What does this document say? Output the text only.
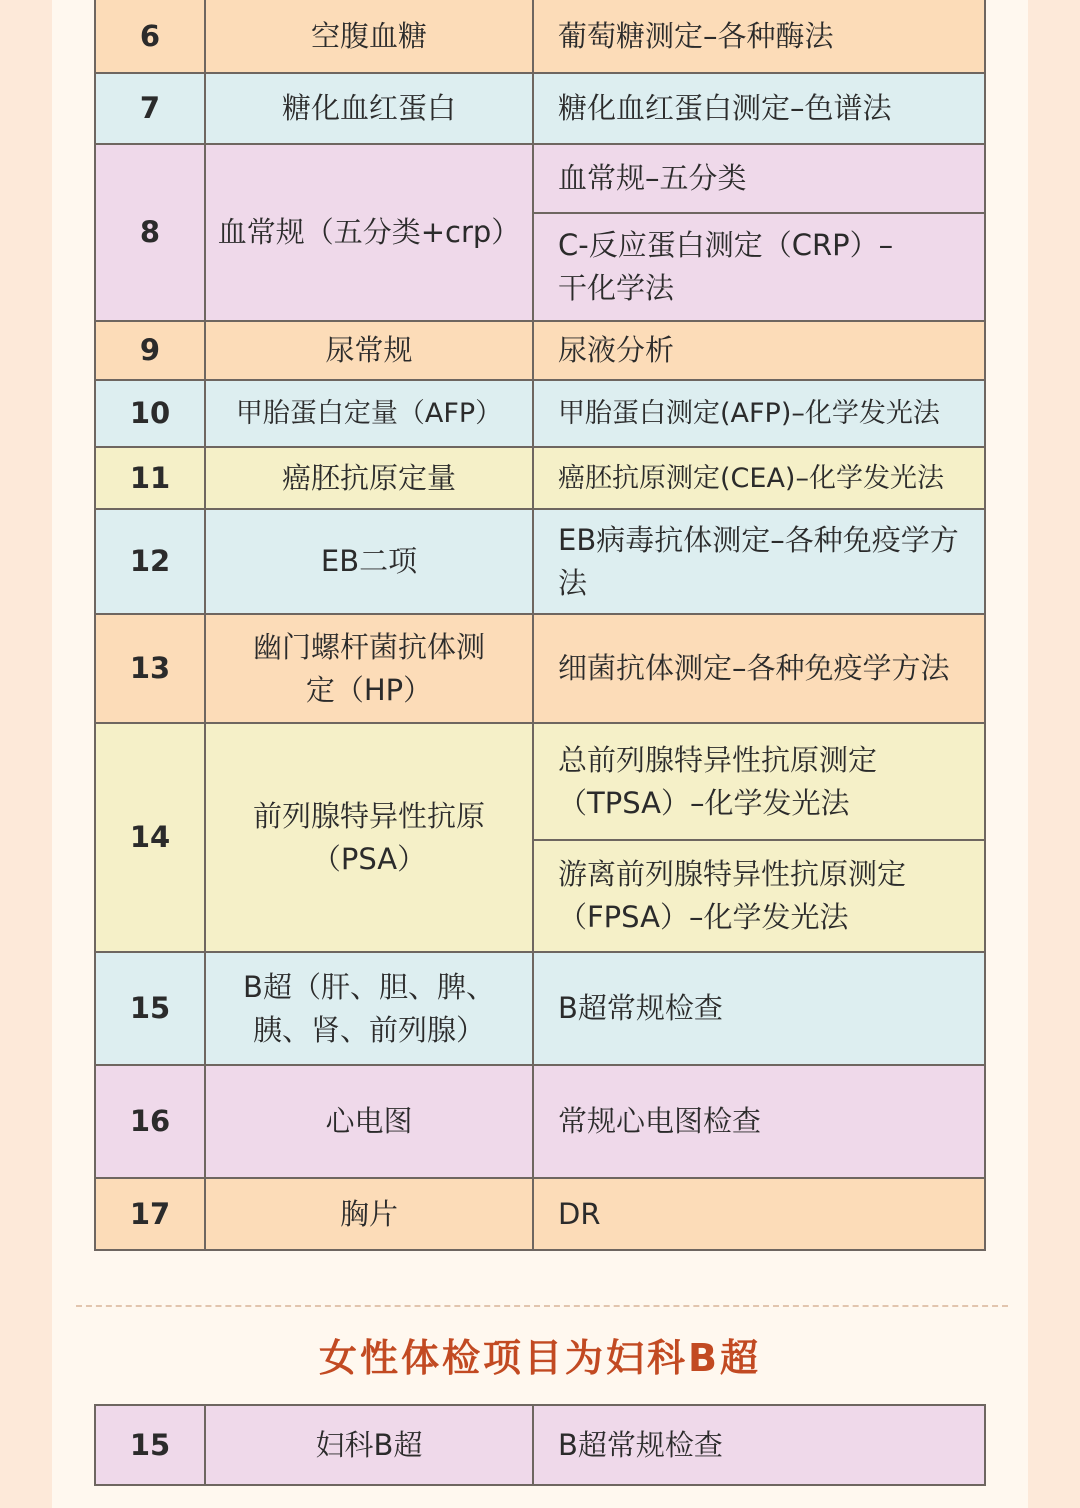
6	空腹血糖	葡萄糖测定–各种酶法
7	糖化血红蛋白	糖化血红蛋白测定–色谱法
8	血常规（五分类+crp）	血常规–五分类
		C-反应蛋白测定（CRP）–干化学法
9	尿常规	尿液分析
10	甲胎蛋白定量（AFP）	甲胎蛋白测定(AFP)–化学发光法
11	癌胚抗原定量	癌胚抗原测定(CEA)–化学发光法
12	EB二项	EB病毒抗体测定–各种免疫学方法
13	幽门螺杆菌抗体测定（HP）	细菌抗体测定–各种免疫学方法
14	前列腺特异性抗原（PSA）	总前列腺特异性抗原测定（TPSA）–化学发光法
		游离前列腺特异性抗原测定（FPSA）–化学发光法
15	B超（肝、胆、脾、胰、肾、前列腺）	B超常规检查
16	心电图	常规心电图检查
17	胸片	DR
女性体检项目为妇科B超
15	妇科B超	B超常规检查
